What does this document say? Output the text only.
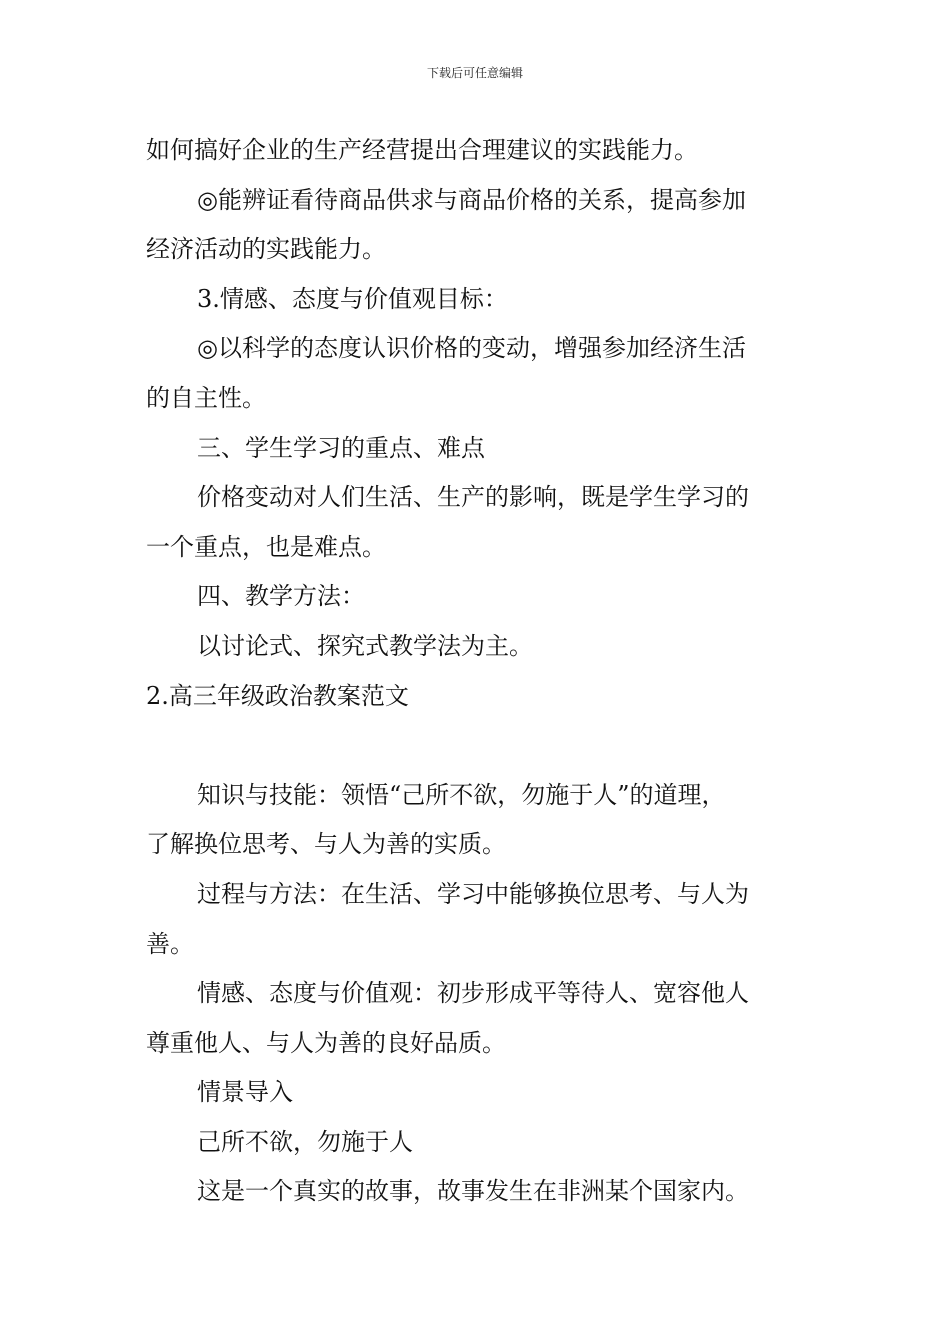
下载后可任意编辑
如何搞好企业的生产经营提出合理建议的实践能力。
◎能辨证看待商品供求与商品价格的关系，提高参加
经济活动的实践能力。
3.情感、态度与价值观目标：
◎以科学的态度认识价格的变动，增强参加经济生活
的自主性。
三、学生学习的重点、难点
价格变动对人们生活、生产的影响，既是学生学习的
一个重点，也是难点。
四、教学方法：
以讨论式、探究式教学法为主。
2.高三年级政治教案范文
知识与技能：领悟“己所不欲，勿施于人”的道理，
了解换位思考、与人为善的实质。
过程与方法：在生活、学习中能够换位思考、与人为
善。
情感、态度与价值观：初步形成平等待人、宽容他人
尊重他人、与人为善的良好品质。
情景导入
己所不欲，勿施于人
这是一个真实的故事，故事发生在非洲某个国家内。
